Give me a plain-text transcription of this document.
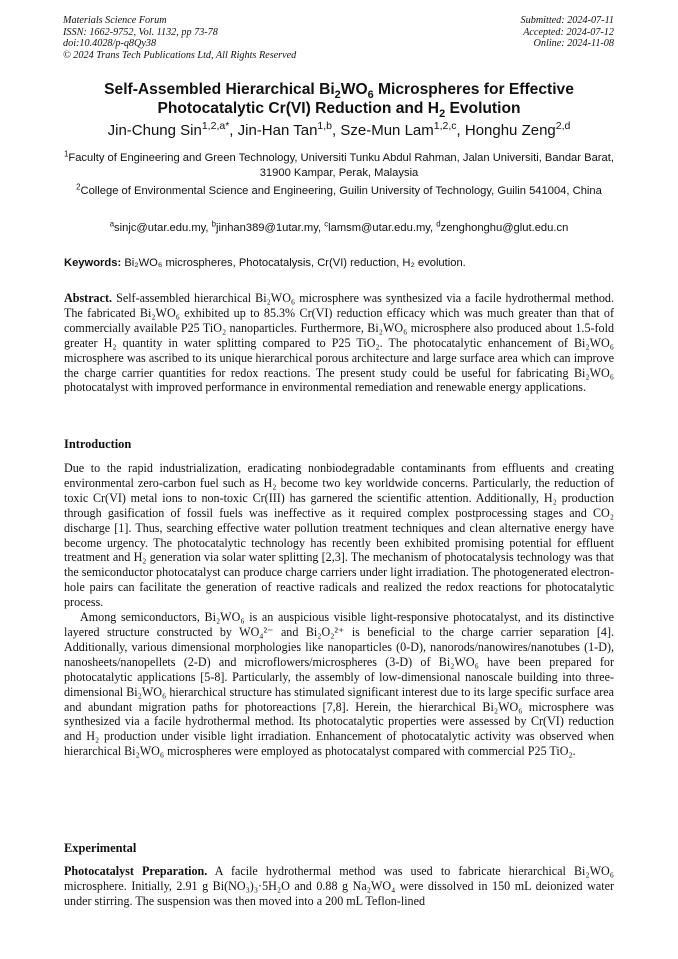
Materials Science Forum
ISSN: 1662-9752, Vol. 1132, pp 73-78
doi:10.4028/p-q8Qy38
© 2024 Trans Tech Publications Ltd, All Rights Reserved
Submitted: 2024-07-11
Accepted: 2024-07-12
Online: 2024-11-08
Self-Assembled Hierarchical $Bi_2WO_6$ Microspheres for Effective
Photocatalytic Cr(VI) Reduction and $H_2$ Evolution
Jin-Chung Sin$^{1,2,a*}$, Jin-Han Tan$^{1,b}$, Sze-Mun Lam$^{1,2,c}$, Honghu Zeng$^{2,d}$
$^1$Faculty of Engineering and Green Technology, Universiti Tunku Abdul Rahman, Jalan Universiti, Bandar Barat, 31900 Kampar, Perak, Malaysia
$^2$College of Environmental Science and Engineering, Guilin University of Technology, Guilin 541004, China
$^a$sinjc@utar.edu.my, $^b$jinhan389@1utar.my, $^c$lamsm@utar.edu.my, $^d$zenghonghu@glut.edu.cn
Keywords: Bi₂WO₆ microspheres, Photocatalysis, Cr(VI) reduction, H₂ evolution.
Abstract. Self-assembled hierarchical Bi₂WO₆ microsphere was synthesized via a facile hydrothermal method. The fabricated Bi₂WO₆ exhibited up to 85.3% Cr(VI) reduction efficacy which was much greater than that of commercially available P25 TiO₂ nanoparticles. Furthermore, Bi₂WO₆ microsphere also produced about 1.5-fold greater H₂ quantity in water splitting compared to P25 TiO₂. The photocatalytic enhancement of Bi₂WO₆ microsphere was ascribed to its unique hierarchical porous architecture and large surface area which can improve the charge carrier quantities for redox reactions. The present study could be useful for fabricating Bi₂WO₆ photocatalyst with improved performance in environmental remediation and renewable energy applications.
Introduction

Due to the rapid industrialization, eradicating nonbiodegradable contaminants from effluents and creating environmental zero-carbon fuel such as H₂ become two key worldwide concerns. Particularly, the reduction of toxic Cr(VI) metal ions to non-toxic Cr(III) has garnered the scientific attention. Additionally, H₂ production through gasification of fossil fuels was ineffective as it required complex postprocessing stages and CO₂ discharge [1]. Thus, searching effective water pollution treatment techniques and clean alternative energy have become urgency. The photocatalytic technology has recently been exhibited promising potential for effluent treatment and H₂ generation via solar water splitting [2,3]. The mechanism of photocatalysis technology was that the semiconductor photocatalyst can produce charge carriers under light irradiation. The photogenerated electron-hole pairs can facilitate the generation of reactive radicals and realized the redox reactions for photocatalytic process.

Among semiconductors, Bi₂WO₆ is an auspicious visible light-responsive photocatalyst, and its distinctive layered structure constructed by WO₄²⁻ and Bi₂O₂²⁺ is beneficial to the charge carrier separation [4]. Additionally, various dimensional morphologies like nanoparticles (0-D), nanorods/nanowires/nanotubes (1-D), nanosheets/nanopellets (2-D) and microflowers/microspheres (3-D) of Bi₂WO₆ have been prepared for photocatalytic applications [5-8]. Particularly, the assembly of low-dimensional nanoscale building into three-dimensional Bi₂WO₆ hierarchical structure has stimulated significant interest due to its large specific surface area and abundant migration paths for photoreactions [7,8]. Herein, the hierarchical Bi₂WO₆ microsphere was synthesized via a facile hydrothermal method. Its photocatalytic properties were assessed by Cr(VI) reduction and H₂ production under visible light irradiation. Enhancement of photocatalytic activity was observed when hierarchical Bi₂WO₆ microspheres were employed as photocatalyst compared with commercial P25 TiO₂.

Experimental
Photocatalyst Preparation. A facile hydrothermal method was used to fabricate hierarchical Bi₂WO₆ microsphere. Initially, 2.91 g Bi(NO₃)₃·5H₂O and 0.88 g Na₂WO₄ were dissolved in 150 mL deionized water under stirring. The suspension was then moved into a 200 mL Teflon-lined
